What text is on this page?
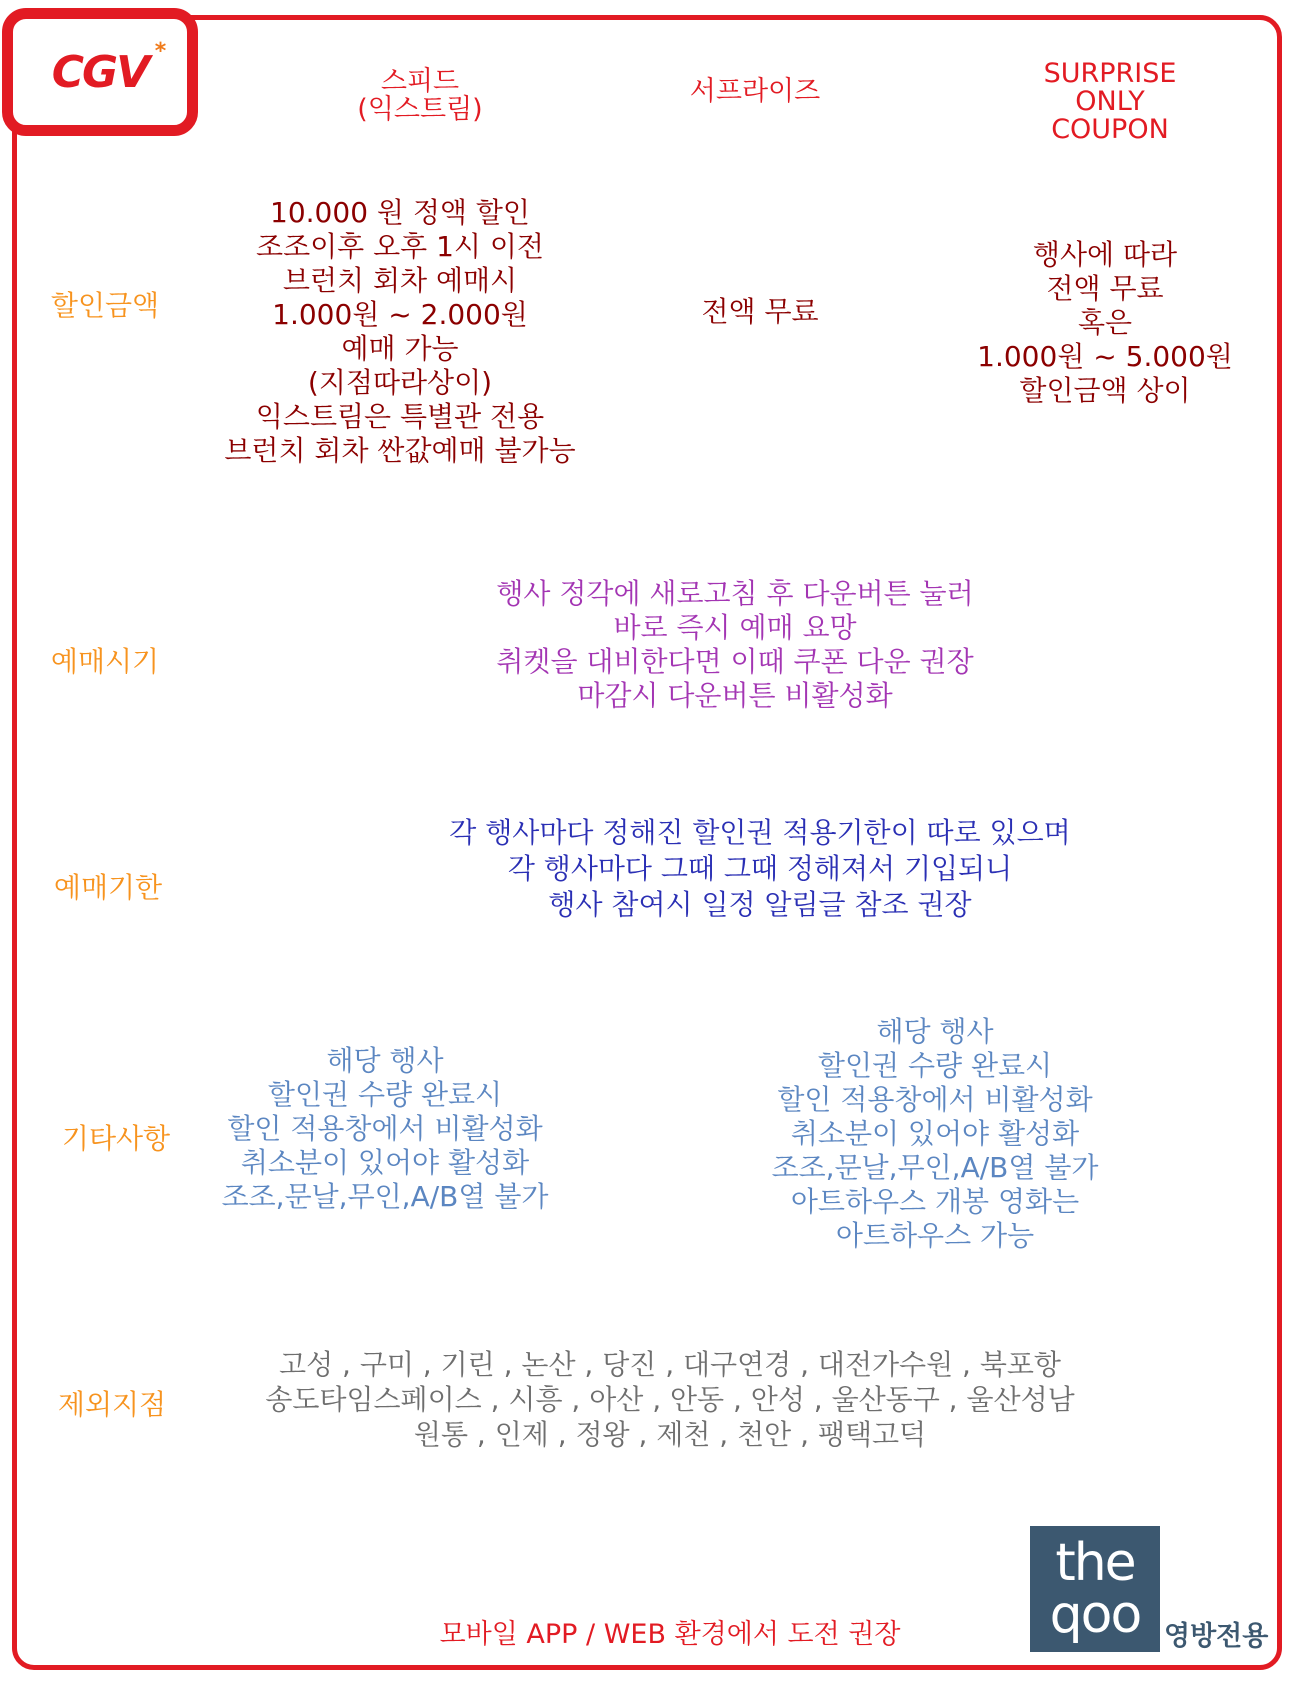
CGV *
스피드
(익스트림)
서프라이즈
SURPRISE
ONLY
COUPON
할인금액
예매시기
예매기한
기타사항
제외지점
10.000 원 정액 할인
조조이후 오후 1시 이전
브런치 회차 예매시
1.000원 ~ 2.000원
예매 가능
(지점따라상이)
익스트림은 특별관 전용
브런치 회차 싼값예매 불가능
전액 무료
행사에 따라
전액 무료
혹은
1.000원 ~ 5.000원
할인금액 상이
행사 정각에 새로고침 후 다운버튼 눌러
바로 즉시 예매 요망
취켓을 대비한다면 이때 쿠폰 다운 권장
마감시 다운버튼 비활성화
각 행사마다 정해진 할인권 적용기한이 따로 있으며
각 행사마다 그때 그때 정해져서 기입되니
행사 참여시 일정 알림글 참조 권장
해당 행사
할인권 수량 완료시
할인 적용창에서 비활성화
취소분이 있어야 활성화
조조,문날,무인,A/B열 불가
해당 행사
할인권 수량 완료시
할인 적용창에서 비활성화
취소분이 있어야 활성화
조조,문날,무인,A/B열 불가
아트하우스 개봉 영화는
아트하우스 가능
고성 , 구미 , 기린 , 논산 , 당진 , 대구연경 , 대전가수원 , 북포항
송도타임스페이스 , 시흥 , 아산 , 안동 , 안성 , 울산동구 , 울산성남
원통 , 인제 , 정왕 , 제천 , 천안 , 팽택고덕
모바일 APP / WEB 환경에서 도전 권장
the
qoo 영방전용
